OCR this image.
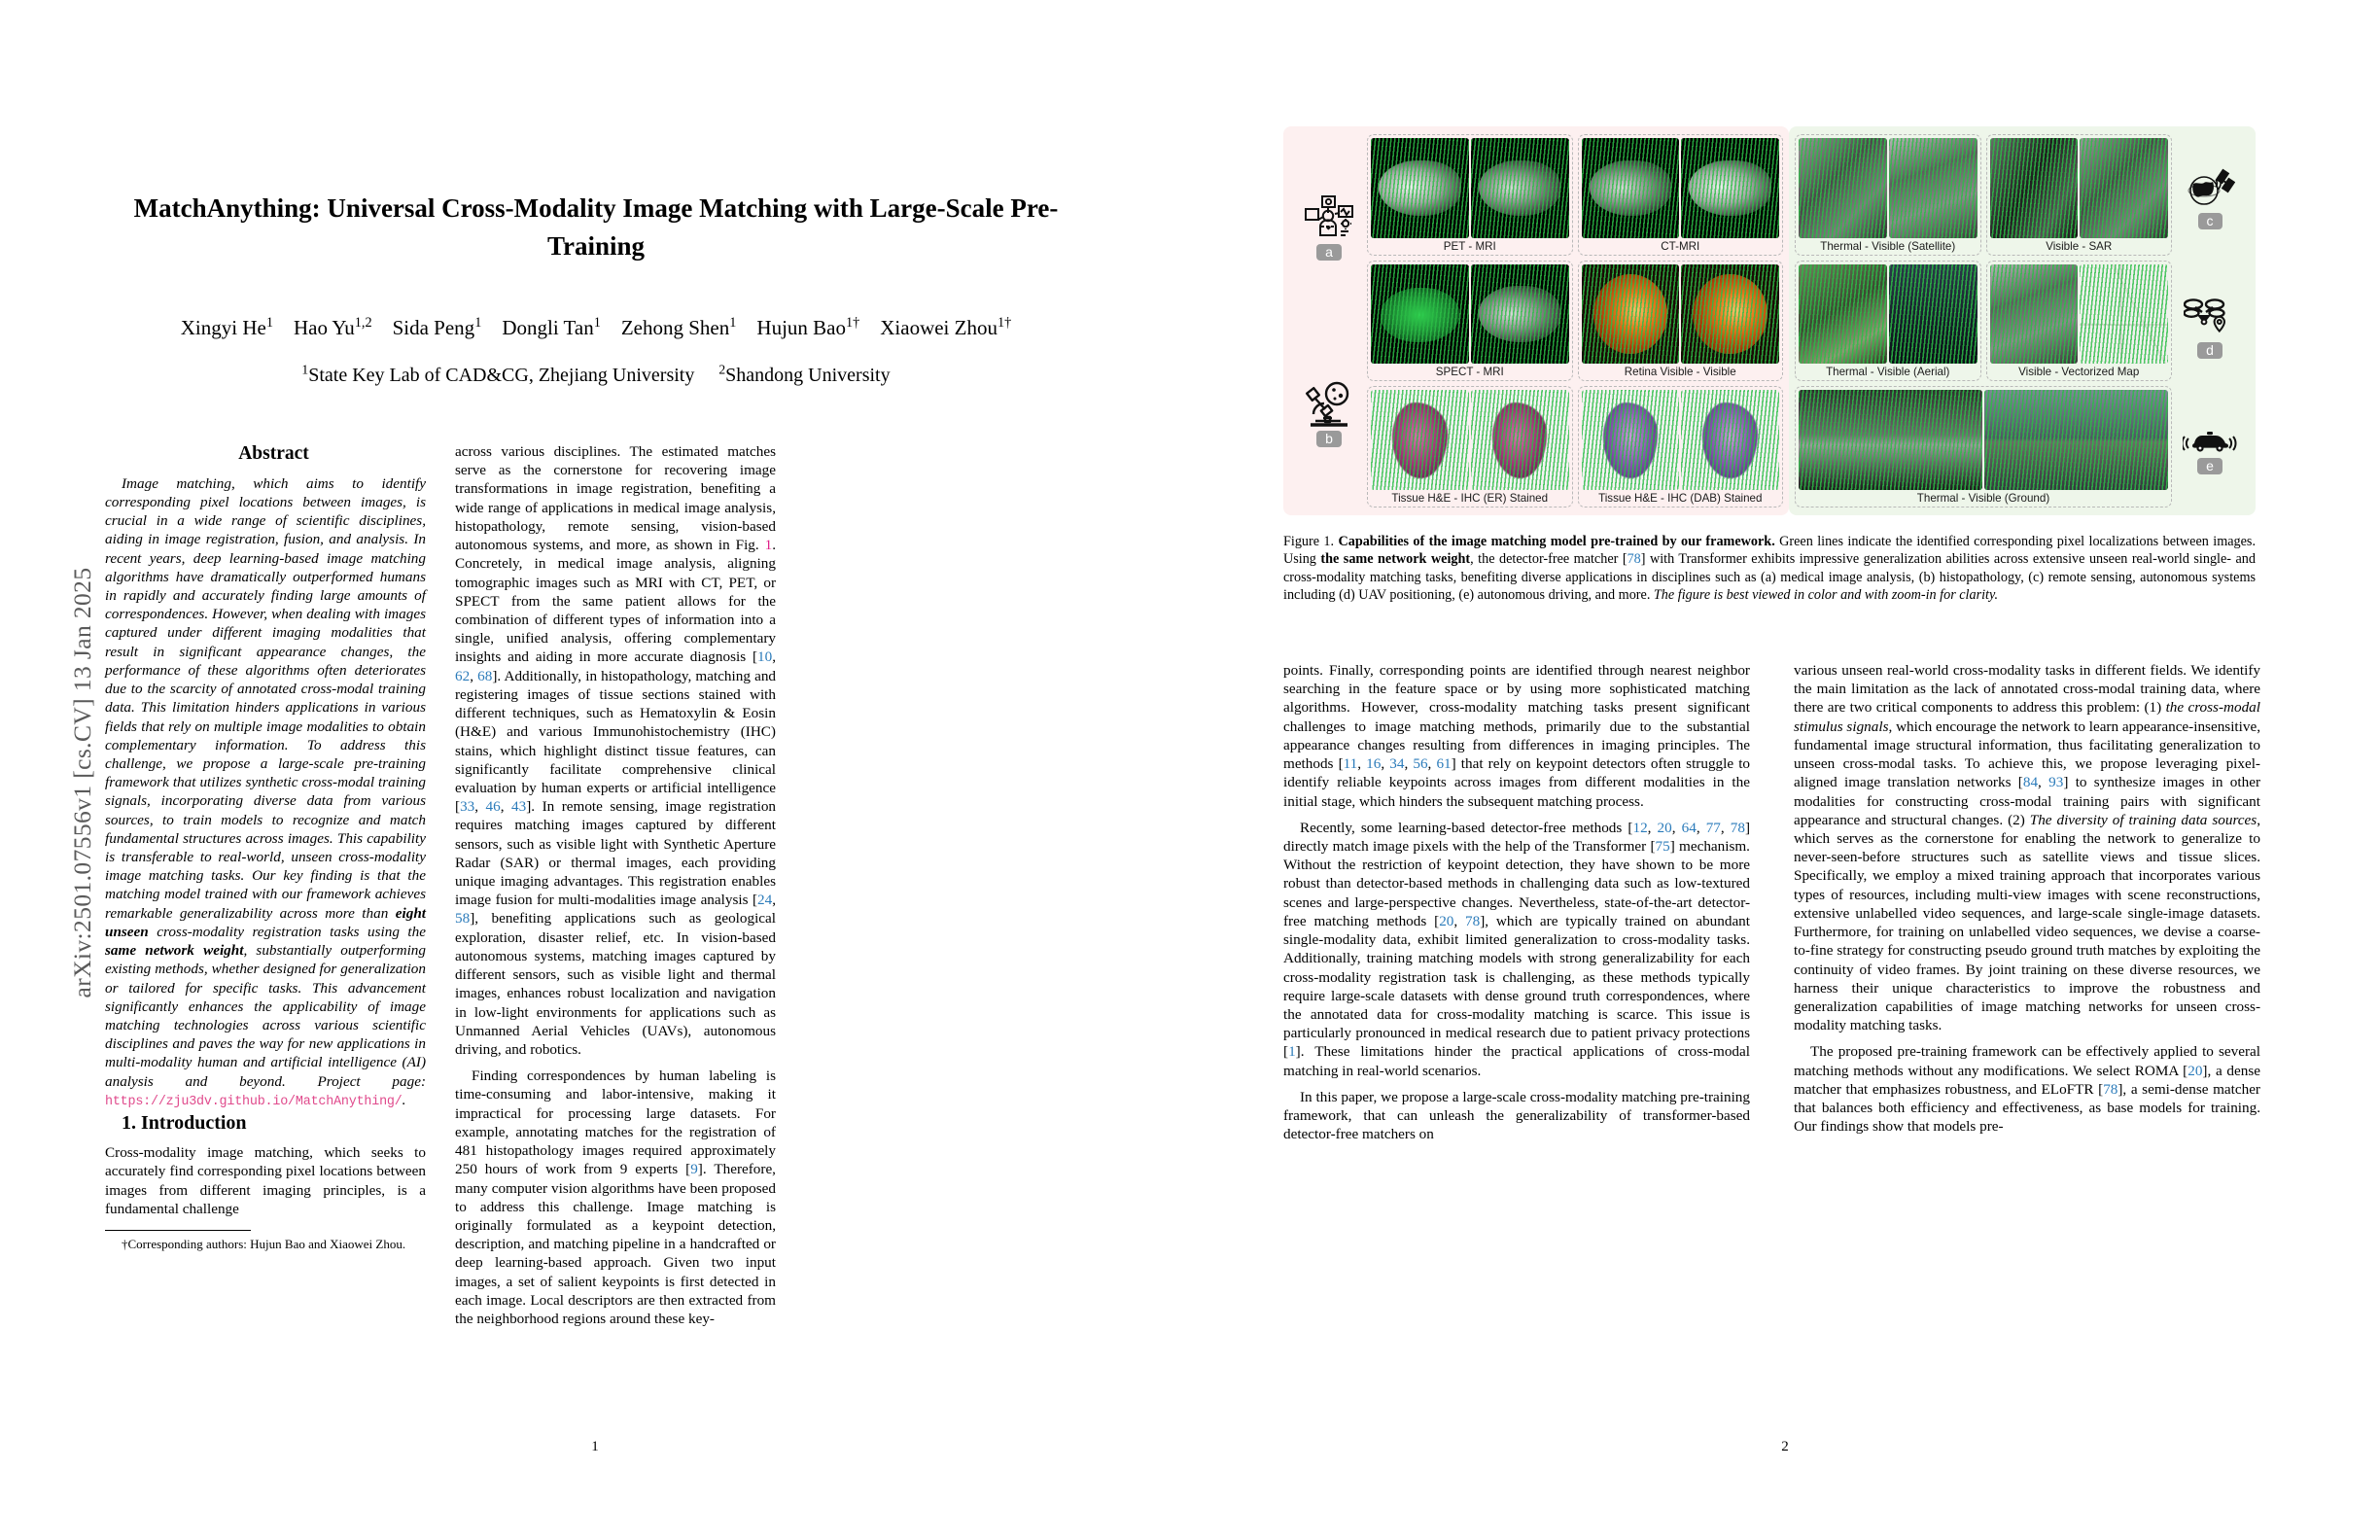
arXiv:2501.07556v1 [cs.CV] 13 Jan 2025
MatchAnything: Universal Cross-Modality Image Matching with Large-Scale Pre-Training
Xingyi He$^1$    Hao Yu$^{1,2}$    Sida Peng$^1$    Dongli Tan$^1$    Zehong Shen$^1$    Hujun Bao$^{1\dagger}$    Xiaowei Zhou$^{1\dagger}$
$^1$State Key Lab of CAD&CG, Zhejiang University     $^2$Shandong University

Abstract

Image matching, which aims to identify corresponding pixel locations between images, is crucial in a wide range of scientific disciplines, aiding in image registration, fusion, and analysis. In recent years, deep learning-based image matching algorithms have dramatically outperformed humans in rapidly and accurately finding large amounts of correspondences. However, when dealing with images captured under different imaging modalities that result in significant appearance changes, the performance of these algorithms often deteriorates due to the scarcity of annotated cross-modal training data. This limitation hinders applications in various fields that rely on multiple image modalities to obtain complementary information. To address this challenge, we propose a large-scale pre-training framework that utilizes synthetic cross-modal training signals, incorporating diverse data from various sources, to train models to recognize and match fundamental structures across images. This capability is transferable to real-world, unseen cross-modality image matching tasks. Our key finding is that the matching model trained with our framework achieves remarkable generalizability across more than eight unseen cross-modality registration tasks using the same network weight, substantially outperforming existing methods, whether designed for generalization or tailored for specific tasks. This advancement significantly enhances the applicability of image matching technologies across various scientific disciplines and paves the way for new applications in multi-modality human and artificial intelligence (AI) analysis and beyond. Project page: https://zju3dv.github.io/MatchAnything/.

1. Introduction

Cross-modality image matching, which seeks to accurately find corresponding pixel locations between images from different imaging principles, is a fundamental challenge

†Corresponding authors: Hujun Bao and Xiaowei Zhou.

across various disciplines. The estimated matches serve as the cornerstone for recovering image transformations in image registration, benefiting a wide range of applications in medical image analysis, histopathology, remote sensing, vision-based autonomous systems, and more, as shown in Fig. 1. Concretely, in medical image analysis, aligning tomographic images such as MRI with CT, PET, or SPECT from the same patient allows for the combination of different types of information into a single, unified analysis, offering complementary insights and aiding in more accurate diagnosis [10, 62, 68]. Additionally, in histopathology, matching and registering images of tissue sections stained with different techniques, such as Hematoxylin & Eosin (H&E) and various Immunohistochemistry (IHC) stains, which highlight distinct tissue features, can significantly facilitate comprehensive clinical evaluation by human experts or artificial intelligence [33, 46, 43]. In remote sensing, image registration requires matching images captured by different sensors, such as visible light with Synthetic Aperture Radar (SAR) or thermal images, each providing unique imaging advantages. This registration enables image fusion for multi-modalities image analysis [24, 58], benefiting applications such as geological exploration, disaster relief, etc. In vision-based autonomous systems, matching images captured by different sensors, such as visible light and thermal images, enhances robust localization and navigation in low-light environments for applications such as Unmanned Aerial Vehicles (UAVs), autonomous driving, and robotics.

Finding correspondences by human labeling is time-consuming and labor-intensive, making it impractical for processing large datasets. For example, annotating matches for the registration of 481 histopathology images required approximately 250 hours of work from 9 experts [9]. Therefore, many computer vision algorithms have been proposed to address this challenge. Image matching is originally formulated as a keypoint detection, description, and matching pipeline in a handcrafted or deep learning-based approach. Given two input images, a set of salient keypoints is first detected in each image. Local descriptors are then extracted from the neighborhood regions around these key-

1
a
b
PET - MRI	CT-MRI
SPECT - MRI	Retina Visible - Visible
Tissue H&E - IHC (ER) Stained	Tissue H&E - IHC (DAB) Stained
Thermal - Visible (Satellite)	Visible - SAR
Thermal - Visible (Aerial)	Visible - Vectorized Map
Thermal - Visible (Ground)
c
d
e
Figure 1. Capabilities of the image matching model pre-trained by our framework. Green lines indicate the identified corresponding pixel localizations between images. Using the same network weight, the detector-free matcher [78] with Transformer exhibits impressive generalization abilities across extensive unseen real-world single- and cross-modality matching tasks, benefiting diverse applications in disciplines such as (a) medical image analysis, (b) histopathology, (c) remote sensing, autonomous systems including (d) UAV positioning, (e) autonomous driving, and more. The figure is best viewed in color and with zoom-in for clarity.

points. Finally, corresponding points are identified through nearest neighbor searching in the feature space or by using more sophisticated matching algorithms. However, cross-modality matching tasks present significant challenges to image matching methods, primarily due to the substantial appearance changes resulting from differences in imaging principles. The methods [11, 16, 34, 56, 61] that rely on keypoint detectors often struggle to identify reliable keypoints across images from different modalities in the initial stage, which hinders the subsequent matching process.

Recently, some learning-based detector-free methods [12, 20, 64, 77, 78] directly match image pixels with the help of the Transformer [75] mechanism. Without the restriction of keypoint detection, they have shown to be more robust than detector-based methods in challenging data such as low-textured scenes and large-perspective changes. Nevertheless, state-of-the-art detector-free matching methods [20, 78], which are typically trained on abundant single-modality data, exhibit limited generalization to cross-modality tasks. Additionally, training matching models with strong generalizability for each cross-modality registration task is challenging, as these methods typically require large-scale datasets with dense ground truth correspondences, where the annotated data for cross-modality matching is scarce. This issue is particularly pronounced in medical research due to patient privacy protections [1]. These limitations hinder the practical applications of cross-modal matching in real-world scenarios.

In this paper, we propose a large-scale cross-modality matching pre-training framework, that can unleash the generalizability of transformer-based detector-free matchers on

various unseen real-world cross-modality tasks in different fields. We identify the main limitation as the lack of annotated cross-modal training data, where there are two critical components to address this problem: (1) the cross-modal stimulus signals, which encourage the network to learn appearance-insensitive, fundamental image structural information, thus facilitating generalization to unseen cross-modal tasks. To achieve this, we propose leveraging pixel-aligned image translation networks [84, 93] to synthesize images in other modalities for constructing cross-modal training pairs with significant appearance and structural changes. (2) The diversity of training data sources, which serves as the cornerstone for enabling the network to generalize to never-seen-before structures such as satellite views and tissue slices. Specifically, we employ a mixed training approach that incorporates various types of resources, including multi-view images with scene reconstructions, extensive unlabelled video sequences, and large-scale single-image datasets. Furthermore, for training on unlabelled video sequences, we devise a coarse-to-fine strategy for constructing pseudo ground truth matches by exploiting the continuity of video frames. By joint training on these diverse resources, we harness their unique characteristics to improve the robustness and generalization capabilities of image matching networks for unseen cross-modality matching tasks.

The proposed pre-training framework can be effectively applied to several matching methods without any modifications. We select ROMA [20], a dense matcher that emphasizes robustness, and ELoFTR [78], a semi-dense matcher that balances both efficiency and effectiveness, as base models for training. Our findings show that models pre-

2
